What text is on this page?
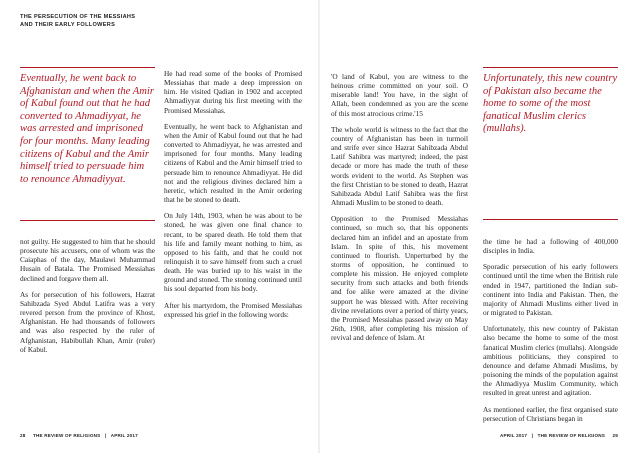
THE PERSECUTION OF THE MESSIAHS
AND THEIR EARLY FOLLOWERS
Eventually, he went back to Afghanistan and when the Amir of Kabul found out that he had converted to Ahmadiyyat, he was arrested and imprisoned for four months. Many leading citizens of Kabul and the Amir himself tried to persuade him to renounce Ahmadiyyat.

not guilty. He suggested to him that he should prosecute his accusers, one of whom was the Caiaphas of the day, Maulawi Muhammad Husain of Batala. The Promised Messiahas declined and forgave them all.

As for persecution of his followers, Hazrat Sahibzada Syed Abdul Latifra was a very revered person from the province of Khost, Afghanistan. He had thousands of followers and was also respected by the ruler of Afghanistan, Habibullah Khan, Amir (ruler) of Kabul.

He had read some of the books of Promised Messiahas that made a deep impression on him. He visited Qadian in 1902 and accepted Ahmadiyyat during his first meeting with the Promised Messiahas.

Eventually, he went back to Afghanistan and when the Amir of Kabul found out that he had converted to Ahmadiyyat, he was arrested and imprisoned for four months. Many leading citizens of Kabul and the Amir himself tried to persuade him to renounce Ahmadiyyat. He did not and the religious divines declared him a heretic, which resulted in the Amir ordering that he be stoned to death.

On July 14th, 1903, when he was about to be stoned, he was given one final chance to recant, to be spared death. He told them that his life and family meant nothing to him, as opposed to his faith, and that he could not relinquish it to save himself from such a cruel death. He was buried up to his waist in the ground and stoned. The stoning continued until his soul departed from his body.

After his martyrdom, the Promised Messiahas expressed his grief in the following words:

'O land of Kabul, you are witness to the heinous crime committed on your soil. O miserable land! You have, in the sight of Allah, been condemned as you are the scene of this most atrocious crime.'15

The whole world is witness to the fact that the country of Afghanistan has been in turmoil and strife ever since Hazrat Sahibzada Abdul Latif Sahibra was martyred; indeed, the past decade or more has made the truth of these words evident to the world. As Stephen was the first Christian to be stoned to death, Hazrat Sahibzada Abdul Latif Sahibra was the first Ahmadi Muslim to be stoned to death.

Opposition to the Promised Messiahas continued, so much so, that his opponents declared him an infidel and an apostate from Islam. In spite of this, his movement continued to flourish. Unperturbed by the storms of opposition, he continued to complete his mission. He enjoyed complete security from such attacks and both friends and foe alike were amazed at the divine support he was blessed with. After receiving divine revelations over a period of thirty years, the Promised Messiahas passed away on May 26th, 1908, after completing his mission of revival and defence of Islam. At

Unfortunately, this new country of Pakistan also became the home to some of the most fanatical Muslim clerics (mullahs).

the time he had a following of 400,000 disciples in India.

Sporadic persecution of his early followers continued until the time when the British rule ended in 1947, partitioned the Indian sub-continent into India and Pakistan. Then, the majority of Ahmadi Muslims either lived in or migrated to Pakistan.

Unfortunately, this new country of Pakistan also became the home to some of the most fanatical Muslim clerics (mullahs). Alongside ambitious politicians, they conspired to denounce and defame Ahmadi Muslims, by poisoning the minds of the population against the Ahmadiyya Muslim Community, which resulted in great unrest and agitation.

As mentioned earlier, the first organised state persecution of Christians began in

28 THE REVIEW OF RELIGIONS | APRIL 2017	APRIL 2017 | THE REVIEW OF RELIGIONS 29
